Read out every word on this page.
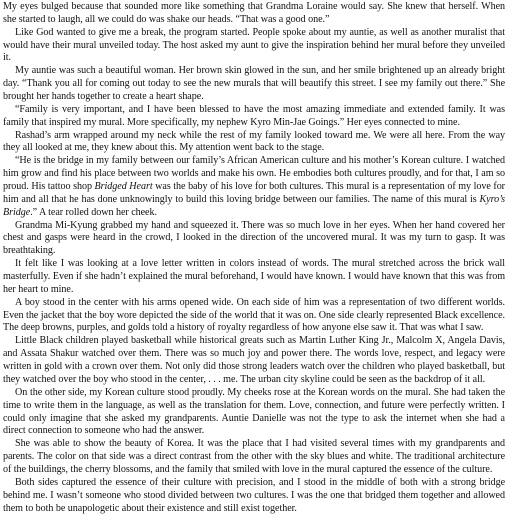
My eyes bulged because that sounded more like something that Grandma Loraine would say. She knew that herself. When she started to laugh, all we could do was shake our heads. “That was a good one.”

Like God wanted to give me a break, the program started. People spoke about my auntie, as well as another muralist that would have their mural unveiled today. The host asked my aunt to give the inspiration behind her mural before they unveiled it.

My auntie was such a beautiful woman. Her brown skin glowed in the sun, and her smile brightened up an already bright day. “Thank you all for coming out today to see the new murals that will beautify this street. I see my family out there.” She brought her hands together to create a heart shape.

“Family is very important, and I have been blessed to have the most amazing immediate and extended family. It was family that inspired my mural. More specifically, my nephew Kyro Min-Jae Goings.” Her eyes connected to mine.

Rashad’s arm wrapped around my neck while the rest of my family looked toward me. We were all here. From the way they all looked at me, they knew about this. My attention went back to the stage.

“He is the bridge in my family between our family’s African American culture and his mother’s Korean culture. I watched him grow and find his place between two worlds and make his own. He embodies both cultures proudly, and for that, I am so proud. His tattoo shop Bridged Heart was the baby of his love for both cultures. This mural is a representation of my love for him and all that he has done unknowingly to build this loving bridge between our families. The name of this mural is Kyro’s Bridge.” A tear rolled down her cheek.

Grandma Mi-Kyung grabbed my hand and squeezed it. There was so much love in her eyes. When her hand covered her chest and gasps were heard in the crowd, I looked in the direction of the uncovered mural. It was my turn to gasp. It was breathtaking.

It felt like I was looking at a love letter written in colors instead of words. The mural stretched across the brick wall masterfully. Even if she hadn’t explained the mural beforehand, I would have known. I would have known that this was from her heart to mine.

A boy stood in the center with his arms opened wide. On each side of him was a representation of two different worlds. Even the jacket that the boy wore depicted the side of the world that it was on. One side clearly represented Black excellence. The deep browns, purples, and golds told a history of royalty regardless of how anyone else saw it. That was what I saw.

Little Black children played basketball while historical greats such as Martin Luther King Jr., Malcolm X, Angela Davis, and Assata Shakur watched over them. There was so much joy and power there. The words love, respect, and legacy were written in gold with a crown over them. Not only did those strong leaders watch over the children who played basketball, but they watched over the boy who stood in the center, . . . me. The urban city skyline could be seen as the backdrop of it all.

On the other side, my Korean culture stood proudly. My cheeks rose at the Korean words on the mural. She had taken the time to write them in the language, as well as the translation for them. Love, connection, and future were perfectly written. I could only imagine that she asked my grandparents. Auntie Danielle was not the type to ask the internet when she had a direct connection to someone who had the answer.

She was able to show the beauty of Korea. It was the place that I had visited several times with my grandparents and parents. The color on that side was a direct contrast from the other with the sky blues and white. The traditional architecture of the buildings, the cherry blossoms, and the family that smiled with love in the mural captured the essence of the culture.

Both sides captured the essence of their culture with precision, and I stood in the middle of both with a strong bridge behind me. I wasn’t someone who stood divided between two cultures. I was the one that bridged them together and allowed them to both be unapologetic about their existence and still exist together.
